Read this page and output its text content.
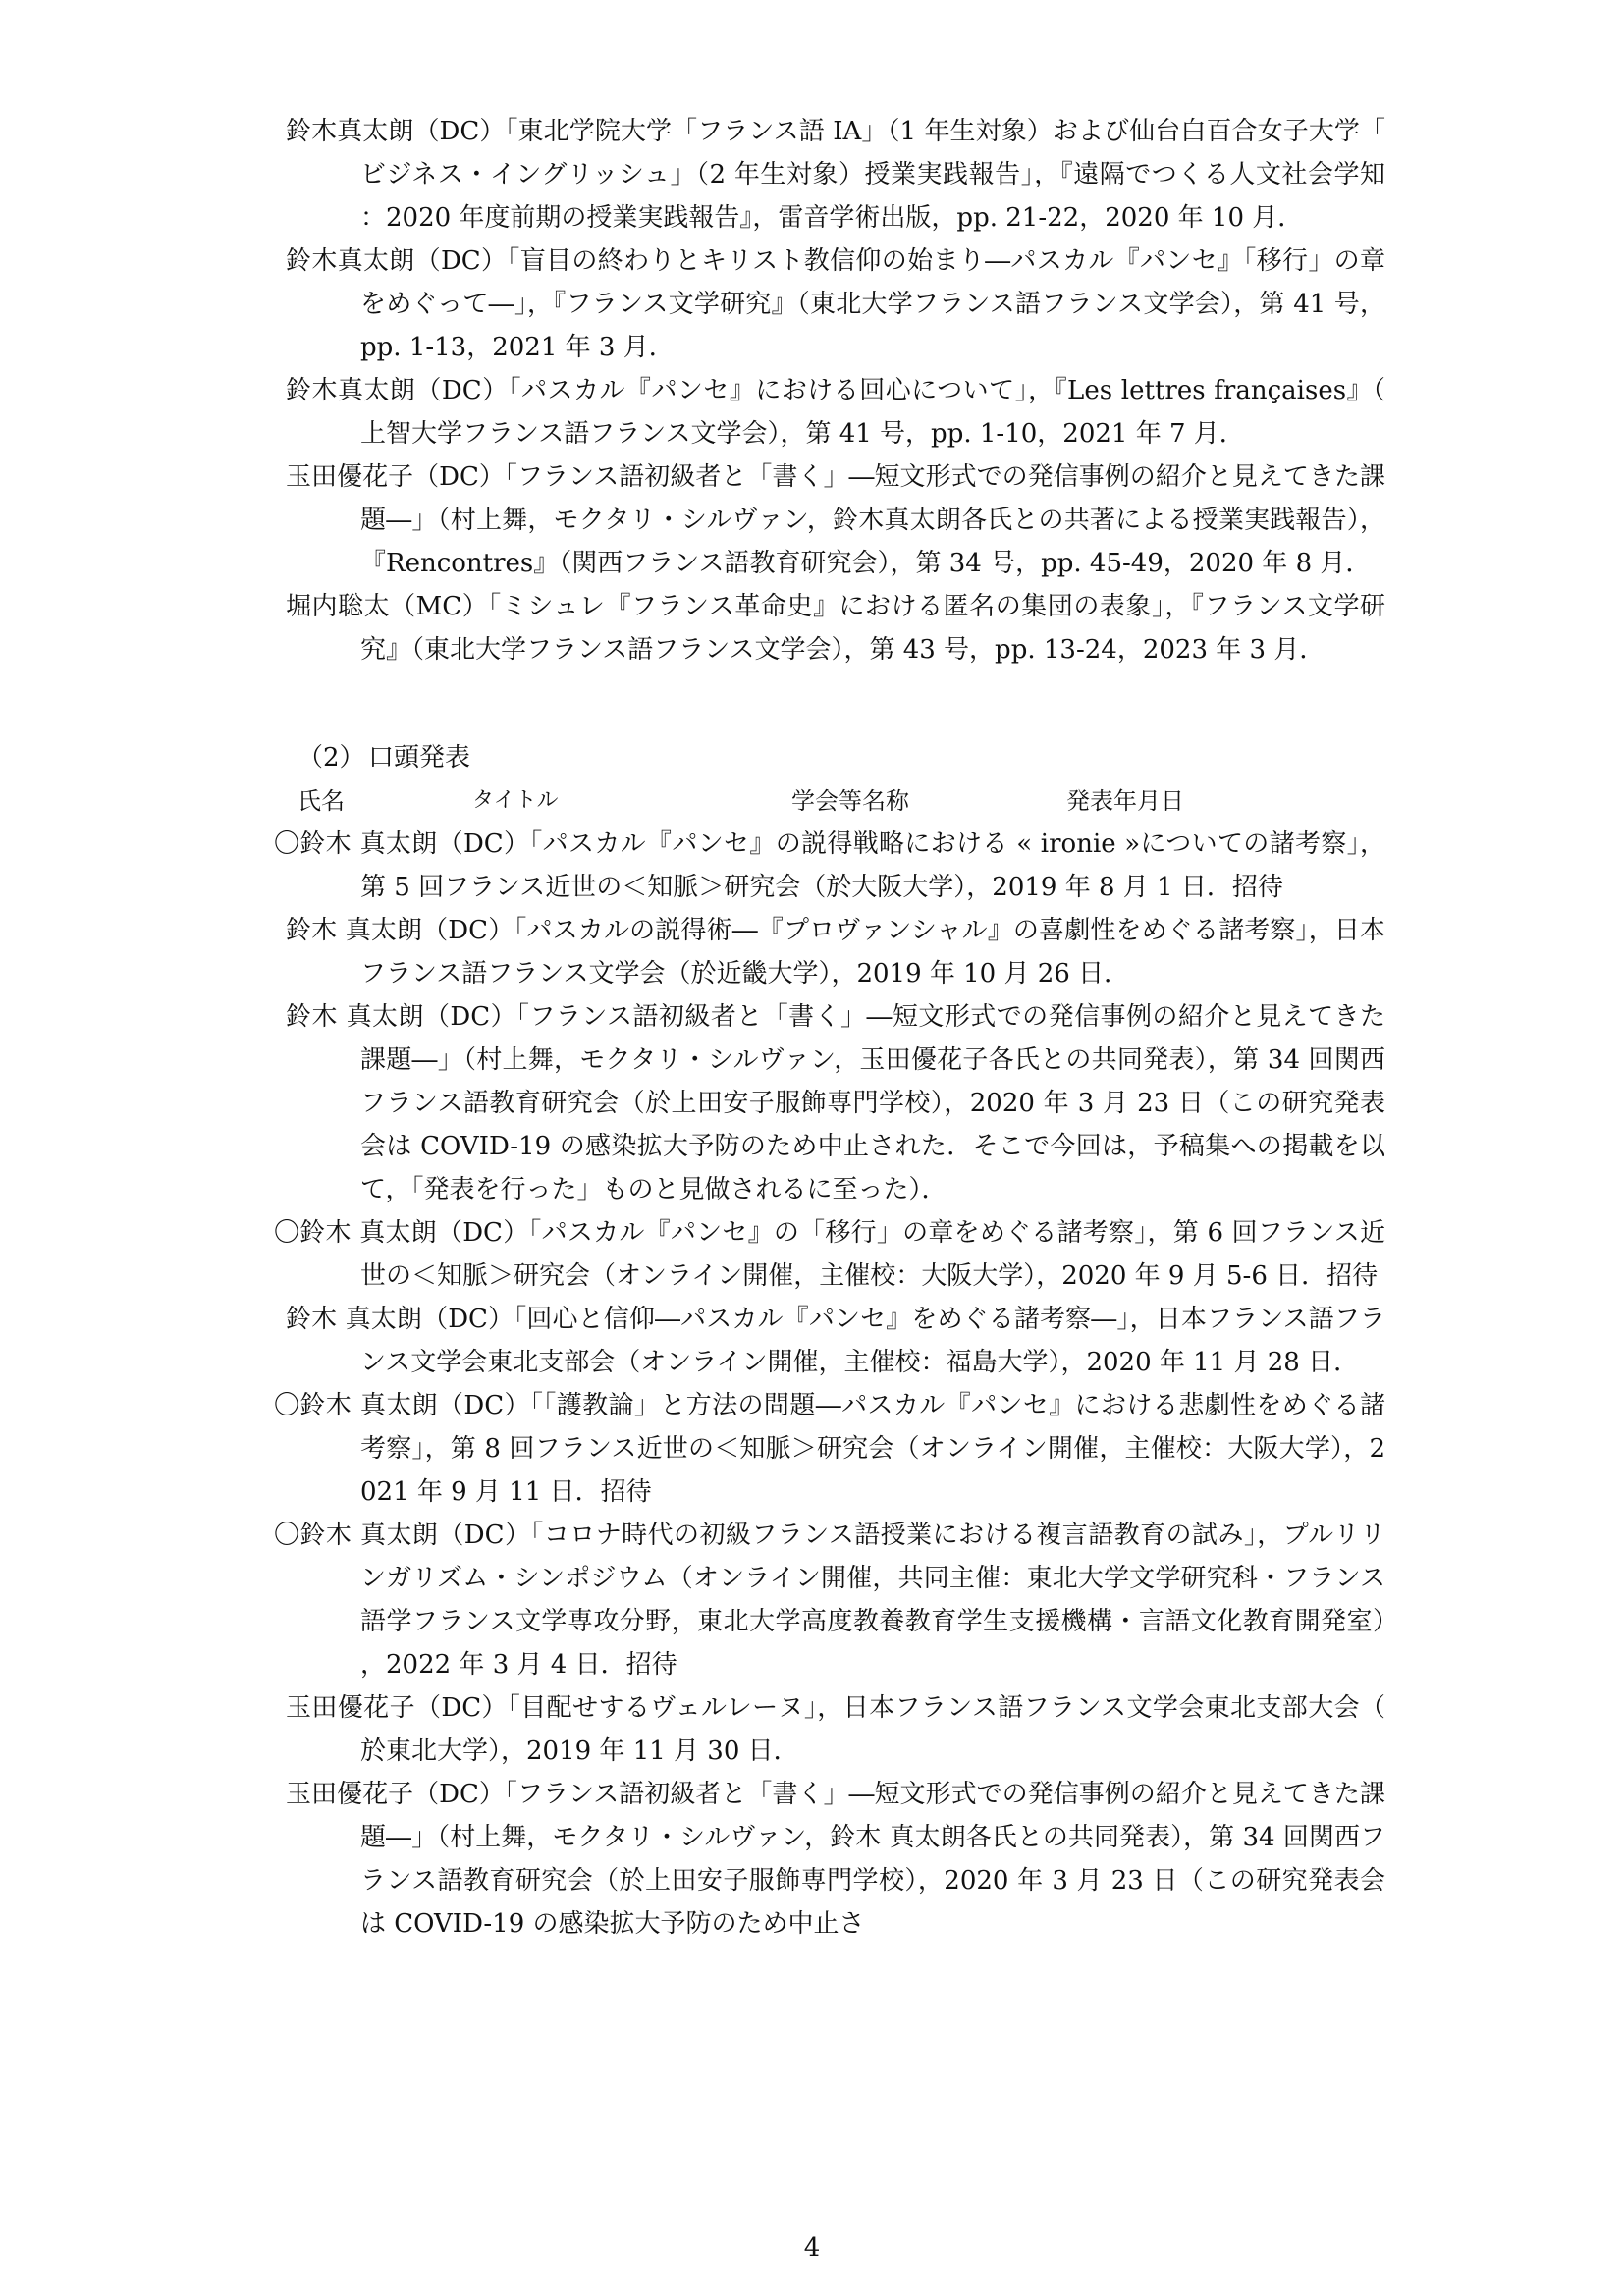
鈴木真太朗（DC）「東北学院大学「フランス語 IA」（1 年生対象）および仙台白百合女子大学「ビジネス・イングリッシュ」（2 年生対象）授業実践報告」，『遠隔でつくる人文社会学知：2020 年度前期の授業実践報告』，雷音学術出版，pp. 21-22，2020 年 10 月．

鈴木真太朗（DC）「盲目の終わりとキリスト教信仰の始まり―パスカル『パンセ』「移行」の章をめぐって―」，『フランス文学研究』（東北大学フランス語フランス文学会），第 41 号，pp. 1-13，2021 年 3 月．

鈴木真太朗（DC）「パスカル『パンセ』における回心について」，『Les lettres françaises』（上智大学フランス語フランス文学会），第 41 号，pp. 1-10，2021 年 7 月．

玉田優花子（DC）「フランス語初級者と「書く」―短文形式での発信事例の紹介と見えてきた課題―」（村上舞，モクタリ・シルヴァン，鈴木真太朗各氏との共著による授業実践報告），『Rencontres』（関西フランス語教育研究会），第 34 号，pp. 45-49，2020 年 8 月．

堀内聡太（MC）「ミシュレ『フランス革命史』における匿名の集団の表象」，『フランス文学研究』（東北大学フランス語フランス文学会），第 43 号，pp. 13-24，2023 年 3 月．

（2） 口頭発表

氏名	タイトル	学会等名称	発表年月日

〇鈴木 真太朗（DC）「パスカル『パンセ』の説得戦略における « ironie »についての諸考察」，第 5 回フランス近世の＜知脈＞研究会（於大阪大学），2019 年 8 月 1 日．招待

鈴木 真太朗（DC）「パスカルの説得術―『プロヴァンシャル』の喜劇性をめぐる諸考察」，日本フランス語フランス文学会（於近畿大学），2019 年 10 月 26 日．

鈴木 真太朗（DC）「フランス語初級者と「書く」―短文形式での発信事例の紹介と見えてきた課題―」（村上舞，モクタリ・シルヴァン，玉田優花子各氏との共同発表），第 34 回関西フランス語教育研究会（於上田安子服飾専門学校），2020 年 3 月 23 日（この研究発表会は COVID-19 の感染拡大予防のため中止された．そこで今回は，予稿集への掲載を以て，「発表を行った」ものと見做されるに至った）．

〇鈴木 真太朗（DC）「パスカル『パンセ』の「移行」の章をめぐる諸考察」，第 6 回フランス近世の＜知脈＞研究会（オンライン開催，主催校：大阪大学），2020 年 9 月 5-6 日．招待

鈴木 真太朗（DC）「回心と信仰―パスカル『パンセ』をめぐる諸考察―」，日本フランス語フランス文学会東北支部会（オンライン開催，主催校：福島大学），2020 年 11 月 28 日．

〇鈴木 真太朗（DC）「「護教論」と方法の問題―パスカル『パンセ』における悲劇性をめぐる諸考察」，第 8 回フランス近世の＜知脈＞研究会（オンライン開催，主催校：大阪大学），2021 年 9 月 11 日．招待

〇鈴木 真太朗（DC）「コロナ時代の初級フランス語授業における複言語教育の試み」，プルリリンガリズム・シンポジウム（オンライン開催，共同主催：東北大学文学研究科・フランス語学フランス文学専攻分野，東北大学高度教養教育学生支援機構・言語文化教育開発室），2022 年 3 月 4 日．招待

玉田優花子（DC）「目配せするヴェルレーヌ」，日本フランス語フランス文学会東北支部大会（於東北大学），2019 年 11 月 30 日．

玉田優花子（DC）「フランス語初級者と「書く」―短文形式での発信事例の紹介と見えてきた課題―」（村上舞，モクタリ・シルヴァン，鈴木 真太朗各氏との共同発表），第 34 回関西フランス語教育研究会（於上田安子服飾専門学校），2020 年 3 月 23 日（この研究発表会は COVID-19 の感染拡大予防のため中止さ

4
